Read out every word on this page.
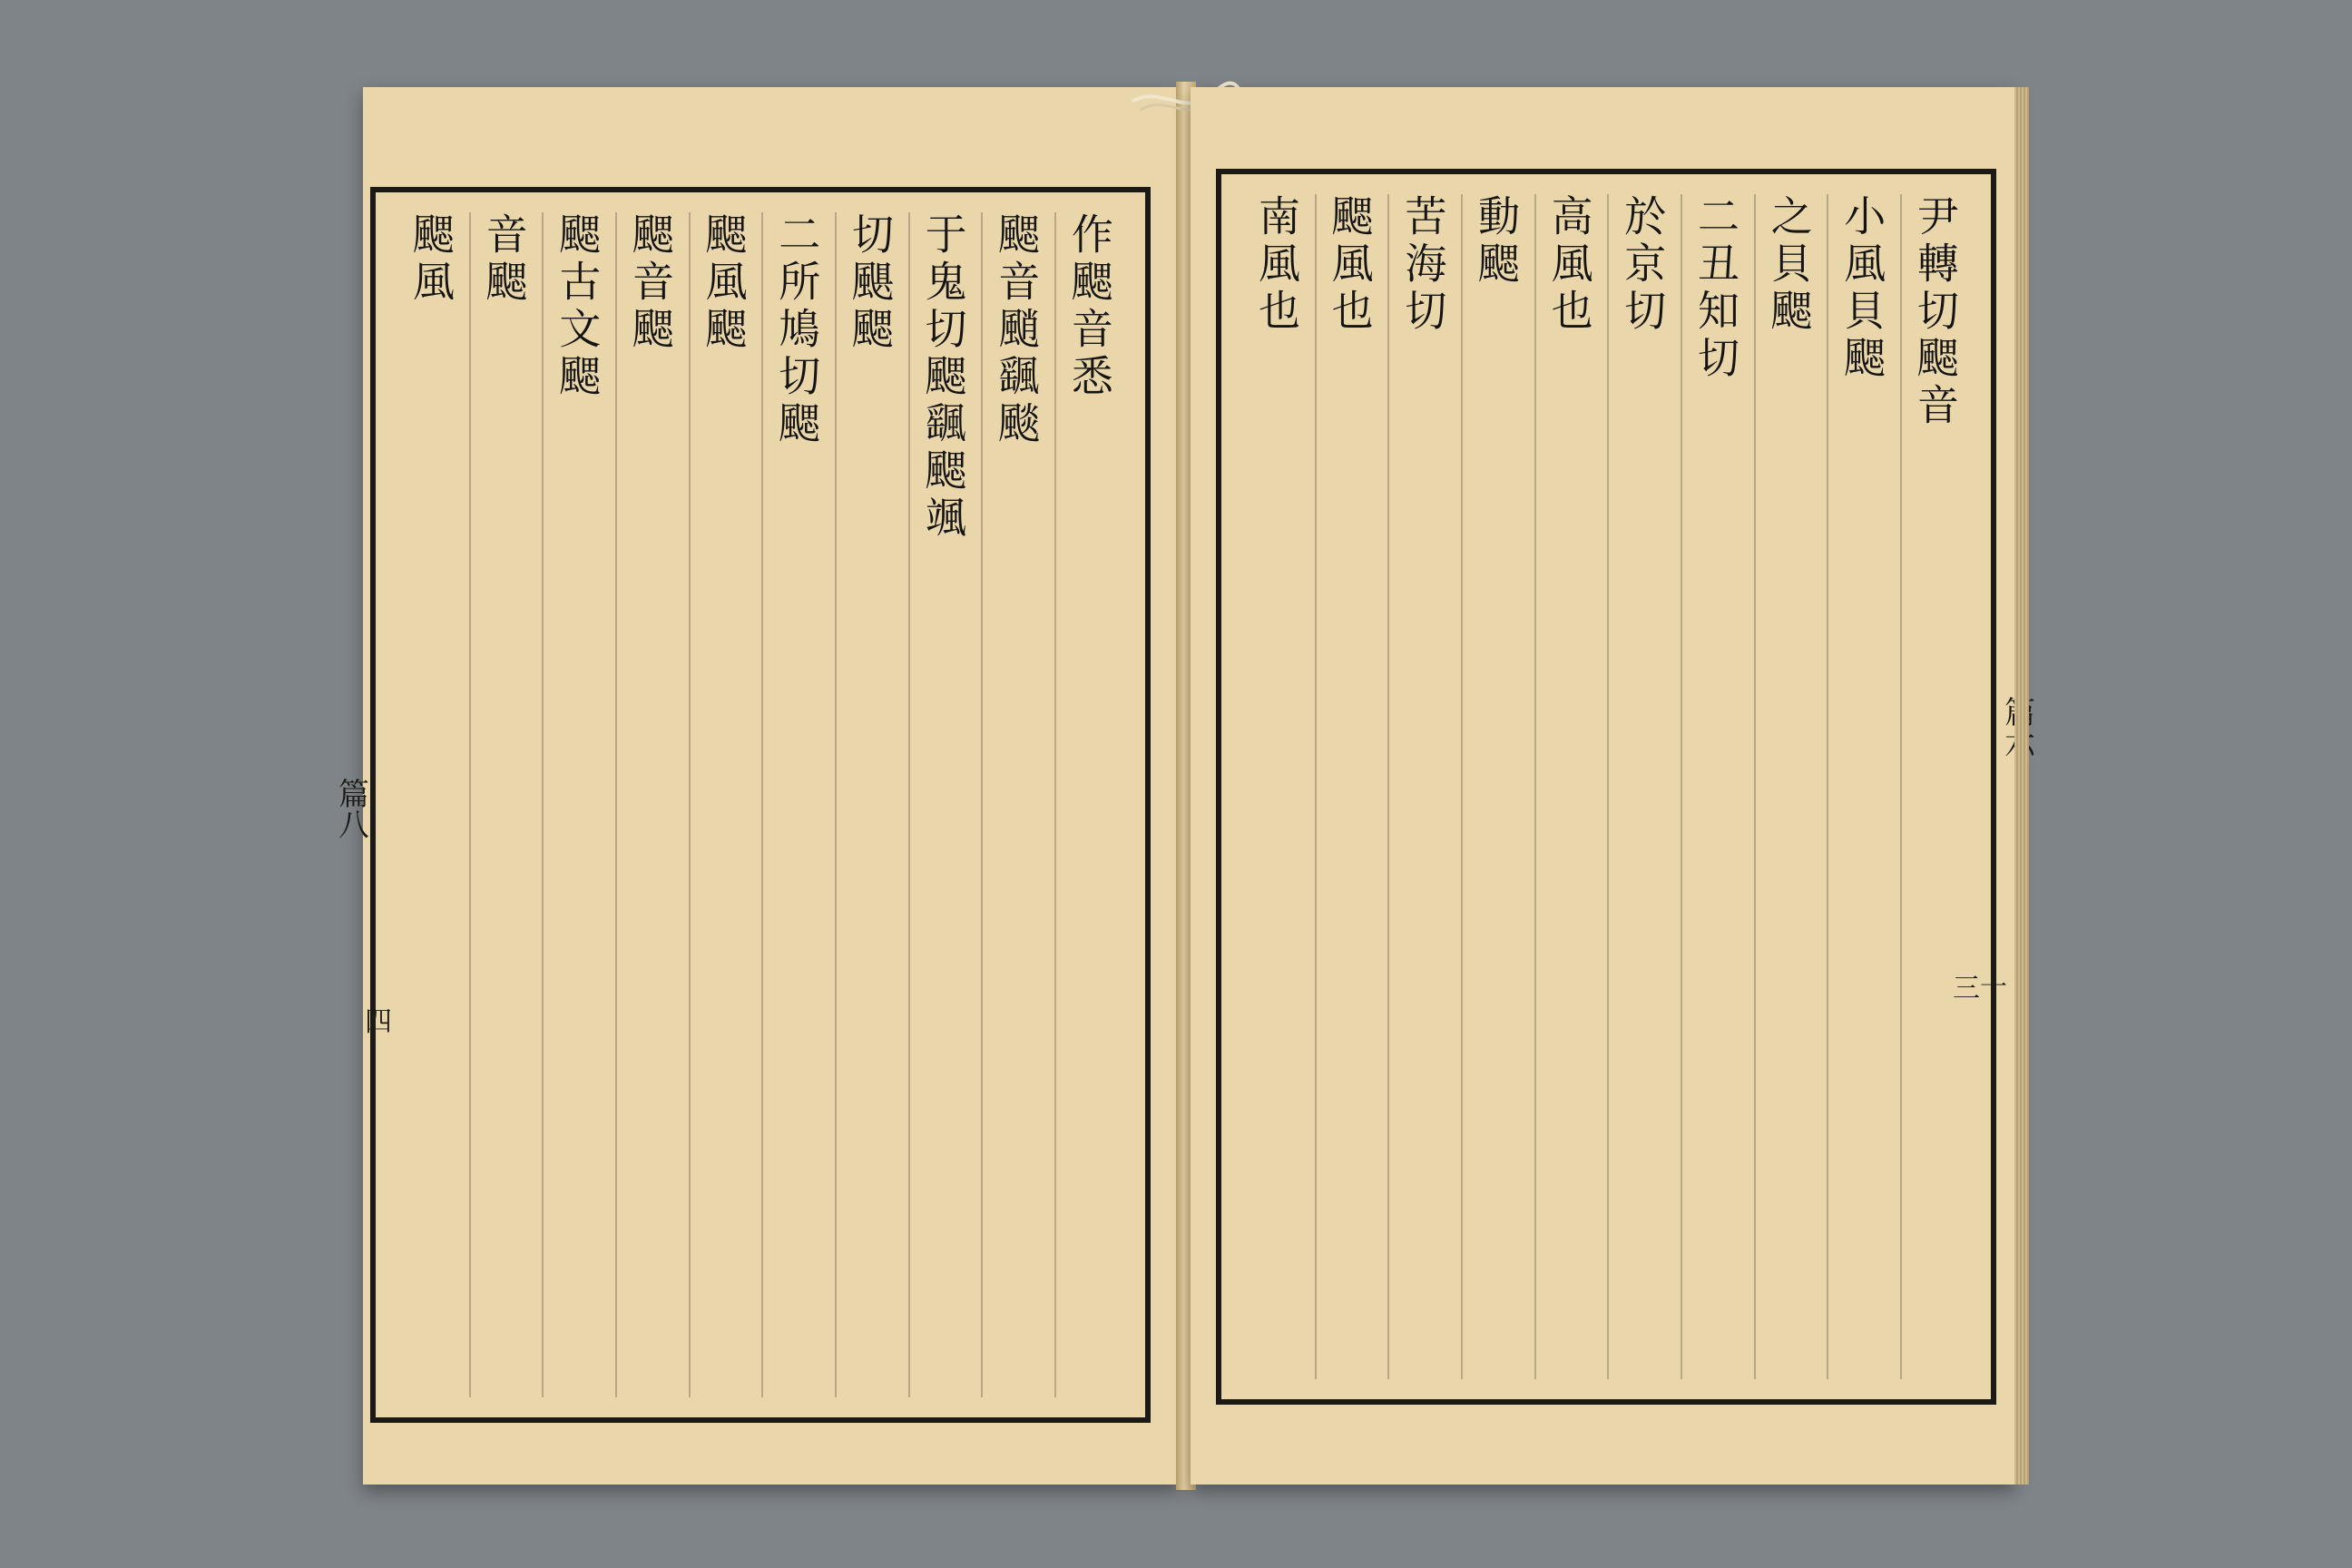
作颸音悉
颸音颵颻颷
于鬼切颸颻颸颯
切颶颸
二所鳩切颸
颸風颸
颸音颸
颸古文颸
音颸
颸風
篇八
四
尹轉切颸音
小風貝颸
之貝颸
二丑知切
於京切
高風也
動颸
苦海切
颸風也
南風也
三十
